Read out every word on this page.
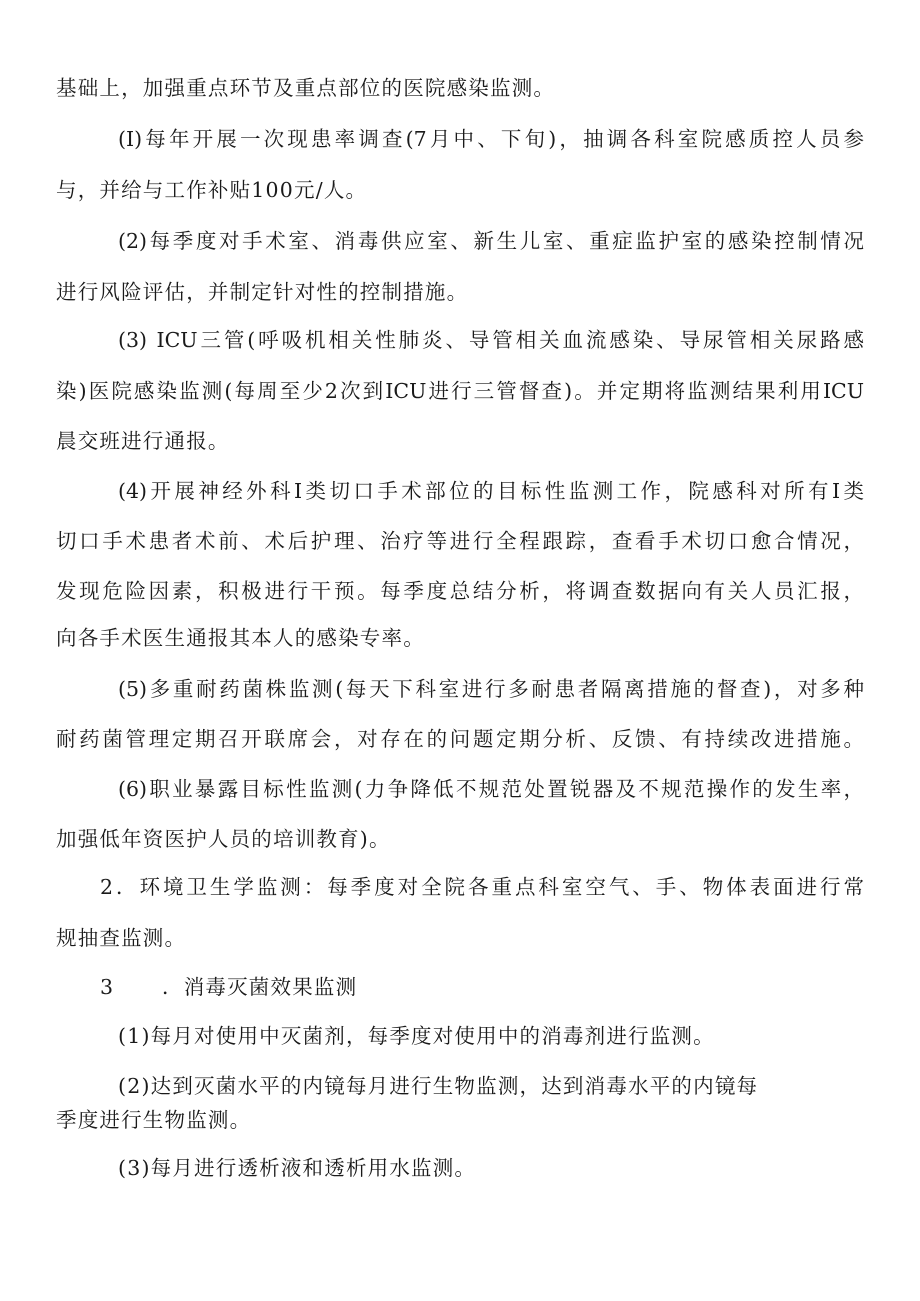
基础上，加强重点环节及重点部位的医院感染监测。
(I)每年开展一次现患率调查(7月中、下旬)，抽调各科室院感质控人员参
与，并给与工作补贴100元/人。
(2)每季度对手术室、消毒供应室、新生儿室、重症监护室的感染控制情况
进行风险评估，并制定针对性的控制措施。
(3) ICU三管(呼吸机相关性肺炎、导管相关血流感染、导尿管相关尿路感
染)医院感染监测(每周至少2次到ICU进行三管督查)。并定期将监测结果利用ICU
晨交班进行通报。
(4)开展神经外科Ⅰ类切口手术部位的目标性监测工作，院感科对所有Ⅰ类
切口手术患者术前、术后护理、治疗等进行全程跟踪，查看手术切口愈合情况，
发现危险因素，积极进行干预。每季度总结分析，将调查数据向有关人员汇报，
向各手术医生通报其本人的感染专率。
(5)多重耐药菌株监测(每天下科室进行多耐患者隔离措施的督查)，对多种
耐药菌管理定期召开联席会，对存在的问题定期分析、反馈、有持续改进措施。
(6)职业暴露目标性监测(力争降低不规范处置锐器及不规范操作的发生率，
加强低年资医护人员的培训教育)。
2．环境卫生学监测：每季度对全院各重点科室空气、手、物体表面进行常
规抽查监测。
3 ．消毒灭菌效果监测
(1)每月对使用中灭菌剂，每季度对使用中的消毒剂进行监测。
(2)达到灭菌水平的内镜每月进行生物监测，达到消毒水平的内镜每
季度进行生物监测。
(3)每月进行透析液和透析用水监测。
